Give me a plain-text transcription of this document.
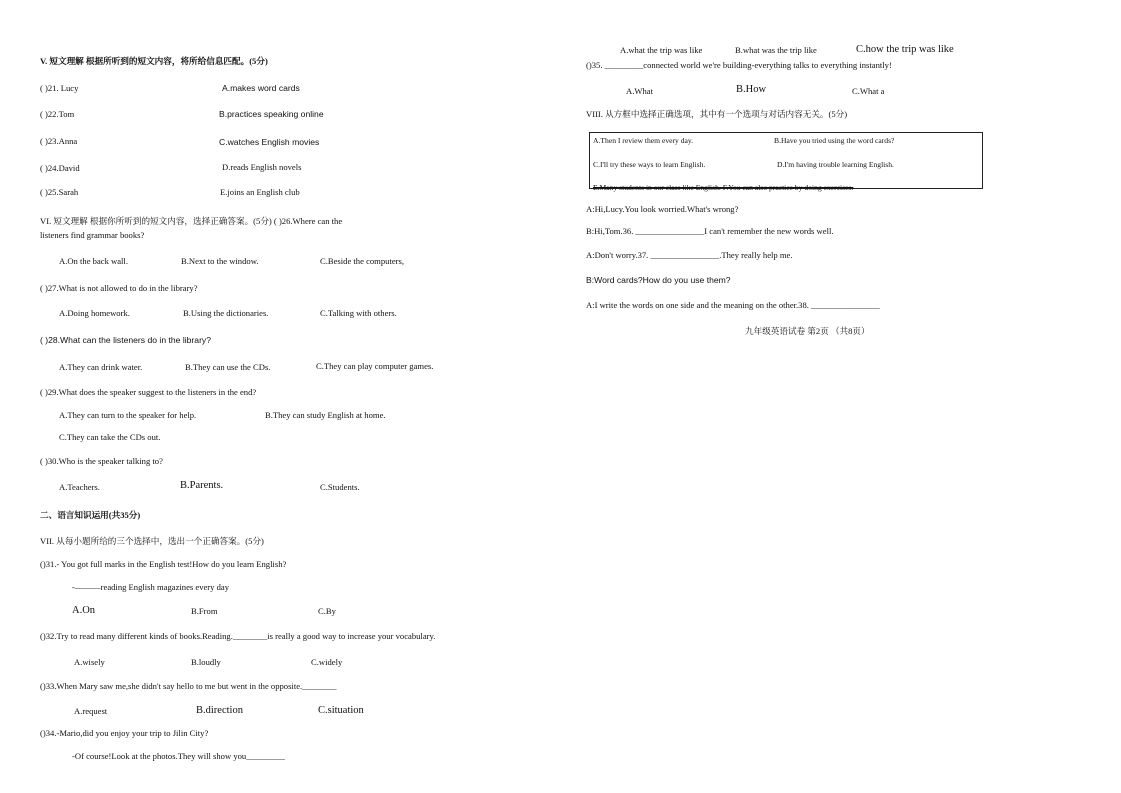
V. 短文理解 根据所听到的短文内容，将所给信息匹配。(5分)
( )21. Lucy	A.makes word cards
( )22.Tom	B.practices speaking online
( )23.Anna	C.watches English movies
( )24.David	D.reads English novels
( )25.Sarah	E.joins an English club
VI. 短文理解 根据你所听到的短文内容，选择正确答案。(5分) ( )26.Where can the
listeners find grammar books?
A.On the back wall.	B.Next to the window.	C.Beside the computers,
( )27.What is not allowed to do in the library?
A.Doing homework.	B.Using the dictionaries.	C.Talking with others.
( )28.What can the listeners do in the library?
A.They can drink water.	B.They can use the CDs.	C.They can play computer games.
( )29.What does the speaker suggest to the listeners in the end?
A.They can turn to the speaker for help.	B.They can study English at home.
C.They can take the CDs out.
( )30.Who is the speaker talking to?
A.Teachers.	B.Parents.	C.Students.
二、语言知识运用(共35分)
VII. 从每小题所给的三个选择中，选出一个正确答案。(5分)
()31.- You got full marks in the English test!How do you learn English?
-———reading English magazines every day
A.On	B.From	C.By
()32.Try to read many different kinds of books.Reading.________is really a good way to increase your vocabulary.
A.wisely	B.loudly	C.widely
()33.When Mary saw me,she didn't say hello to me but went in the opposite.________
A.request	B.direction	C.situation
()34.-Mario,did you enjoy your trip to Jilin City?
-Of course!Look at the photos.They will show you_________
A.what the trip was like	B.what was the trip like	C.how the trip was like
()35. _________connected world we're building-everything talks to everything instantly!
A.What	B.How	C.What a
VIII. 从方框中选择正确选项，其中有一个选项与对话内容无关。(5分)
A.Then I review them every day.	B.Have you tried using the word cards?
C.I'll try these ways to learn English.	D.I'm having trouble learning English.
E.Many students in our class like English. F.You can also practice by doing exercises.
A:Hi,Lucy.You look worried.What's wrong?
B:Hi,Tom.36. ________________I can't remember the new words well.
A:Don't worry.37. ________________.They really help me.
B:Word cards?How do you use them?
A:I write the words on one side and the meaning on the other.38. ________________
九年级英语试卷 第2页 （共8页）
